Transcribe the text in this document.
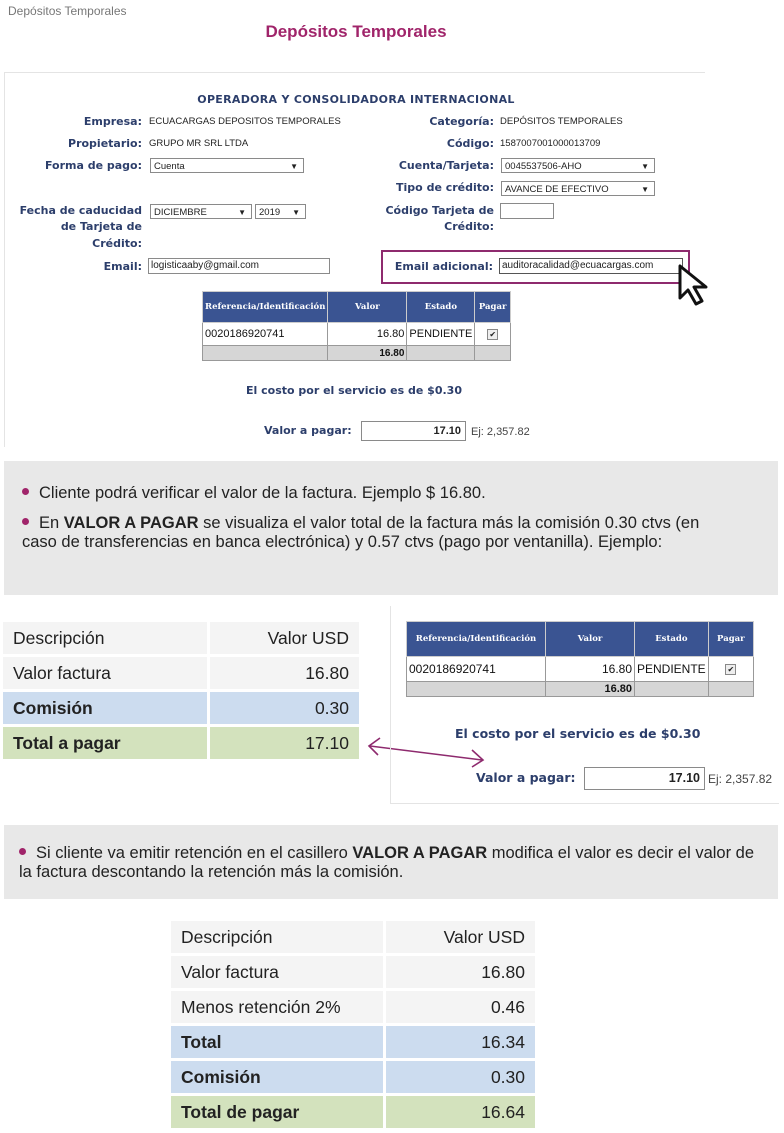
Depósitos Temporales
Depósitos Temporales
OPERADORA Y CONSOLIDADORA INTERNACIONAL
Empresa: ECUACARGAS DEPOSITOS TEMPORALES
Propietario: GRUPO MR SRL LTDA
Forma de pago:	Cuenta	▼
Fecha de caducidad
de Tarjeta de
Crédito:
DICIEMBRE	▼	2019 ▼
Email: logisticaaby@gmail.com
Categoría: DEPÓSITOS TEMPORALES
Código: 1587007001000013709
Cuenta/Tarjeta:	0045537506-AHO	▼
Tipo de crédito:	AVANCE DE EFECTIVO	▼
Código Tarjeta de
Crédito:
Email adicional: auditoracalidad@ecuacargas.com
Referencia/Identificación	Valor	Estado	Pagar
0020186920741	16.80	PENDIENTE	✔
	16.80		
El costo por el servicio es de $0.30
Valor a pagar:	17.10 Ej: 2,357.82
Cliente podrá verificar el valor de la factura. Ejemplo $ 16.80.
En VALOR A PAGAR se visualiza el valor total de la factura más la comisión 0.30 ctvs (en caso de transferencias en banca electrónica) y 0.57 ctvs (pago por ventanilla). Ejemplo:
Descripción	Valor USD
Valor factura	16.80
Comisión	0.30
Total a pagar	17.10
Referencia/Identificación	Valor	Estado	Pagar
0020186920741	16.80	PENDIENTE	✔
	16.80		
El costo por el servicio es de $0.30
Valor a pagar:	17.10 Ej: 2,357.82
Si cliente va emitir retención en el casillero VALOR A PAGAR modifica el valor es decir el valor de la factura descontando la retención más la comisión.
Descripción	Valor USD
Valor factura	16.80
Menos retención 2%	0.46
Total	16.34
Comisión	0.30
Total de pagar	16.64
